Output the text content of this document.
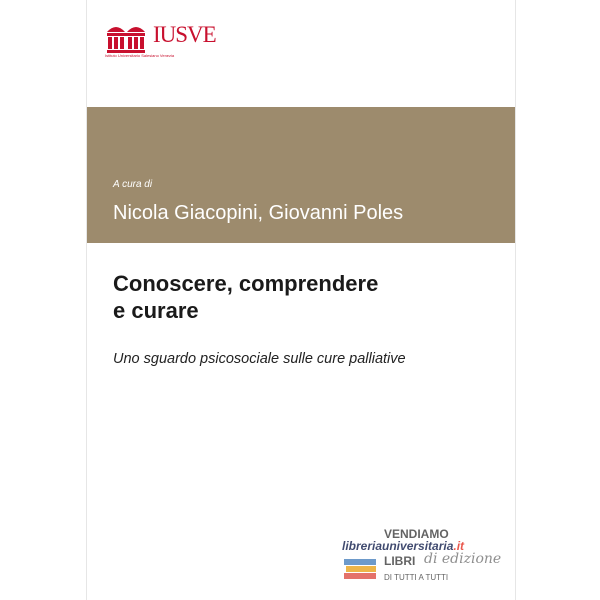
IUSVE
Istituto Universitario Salesiano Venezia
A cura di
Nicola Giacopini, Giovanni Poles
Conoscere, comprendere
e curare
Uno sguardo psicosociale sulle cure palliative
VENDIAMO
libreriauniversitaria.it
LIBRI di edizione
DI TUTTI A TUTTI
